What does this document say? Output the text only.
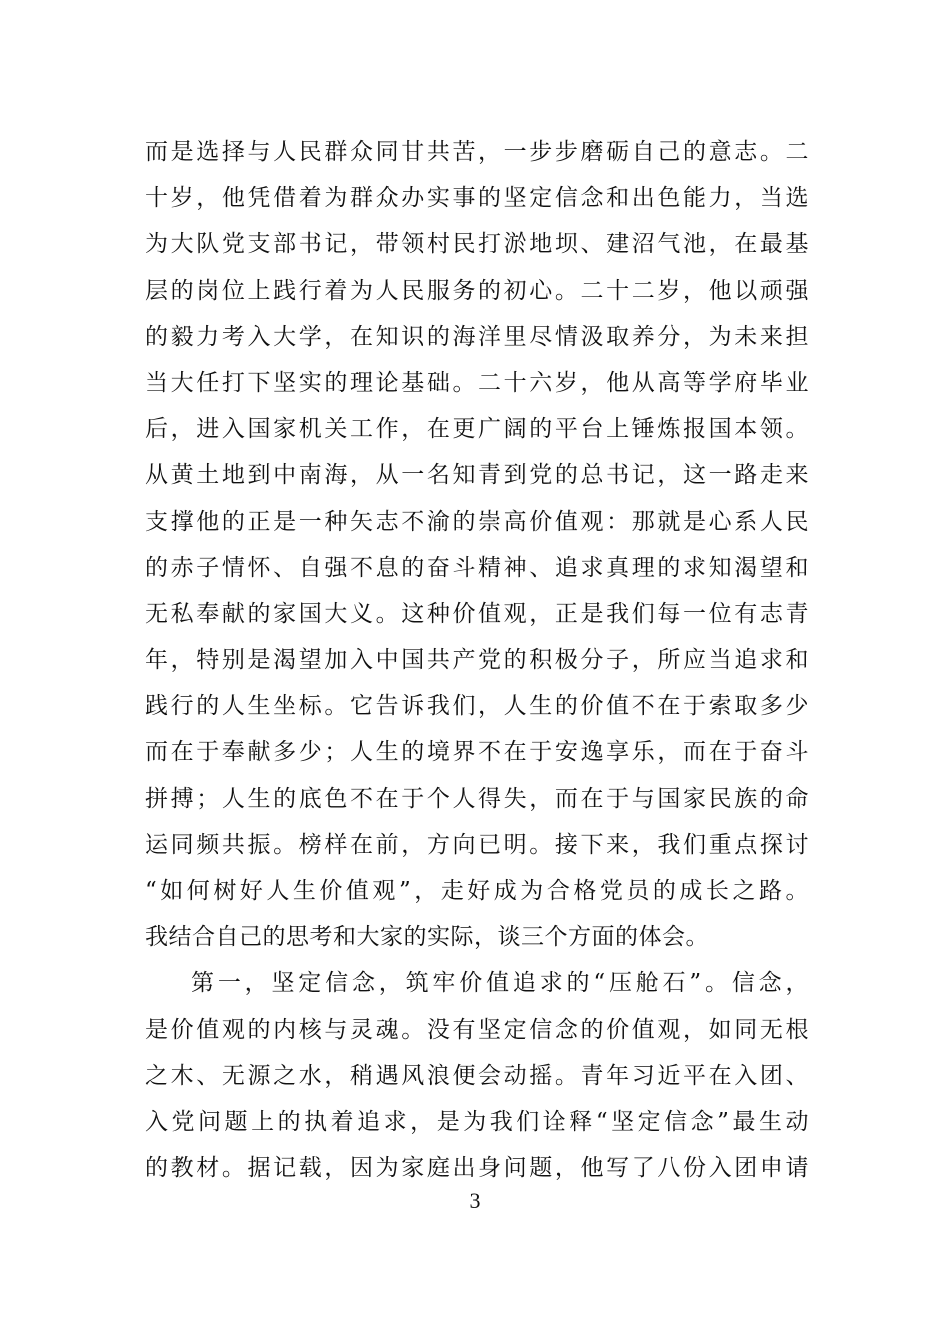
而是选择与人民群众同甘共苦，一步步磨砺自己的意志。二
十岁，他凭借着为群众办实事的坚定信念和出色能力，当选
为大队党支部书记，带领村民打淤地坝、建沼气池，在最基
层的岗位上践行着为人民服务的初心。二十二岁，他以顽强
的毅力考入大学，在知识的海洋里尽情汲取养分，为未来担
当大任打下坚实的理论基础。二十六岁，他从高等学府毕业
后，进入国家机关工作，在更广阔的平台上锤炼报国本领。
从黄土地到中南海，从一名知青到党的总书记，这一路走来
支撑他的正是一种矢志不渝的崇高价值观：那就是心系人民
的赤子情怀、自强不息的奋斗精神、追求真理的求知渴望和
无私奉献的家国大义。这种价值观，正是我们每一位有志青
年，特别是渴望加入中国共产党的积极分子，所应当追求和
践行的人生坐标。它告诉我们，人生的价值不在于索取多少
而在于奉献多少；人生的境界不在于安逸享乐，而在于奋斗
拼搏；人生的底色不在于个人得失，而在于与国家民族的命
运同频共振。榜样在前，方向已明。接下来，我们重点探讨
“如何树好人生价值观”，走好成为合格党员的成长之路。
我结合自己的思考和大家的实际，谈三个方面的体会。
第一，坚定信念，筑牢价值追求的“压舱石”。信念，
是价值观的内核与灵魂。没有坚定信念的价值观，如同无根
之木、无源之水，稍遇风浪便会动摇。青年习近平在入团、
入党问题上的执着追求，是为我们诠释“坚定信念”最生动
的教材。据记载，因为家庭出身问题，他写了八份入团申请
3
